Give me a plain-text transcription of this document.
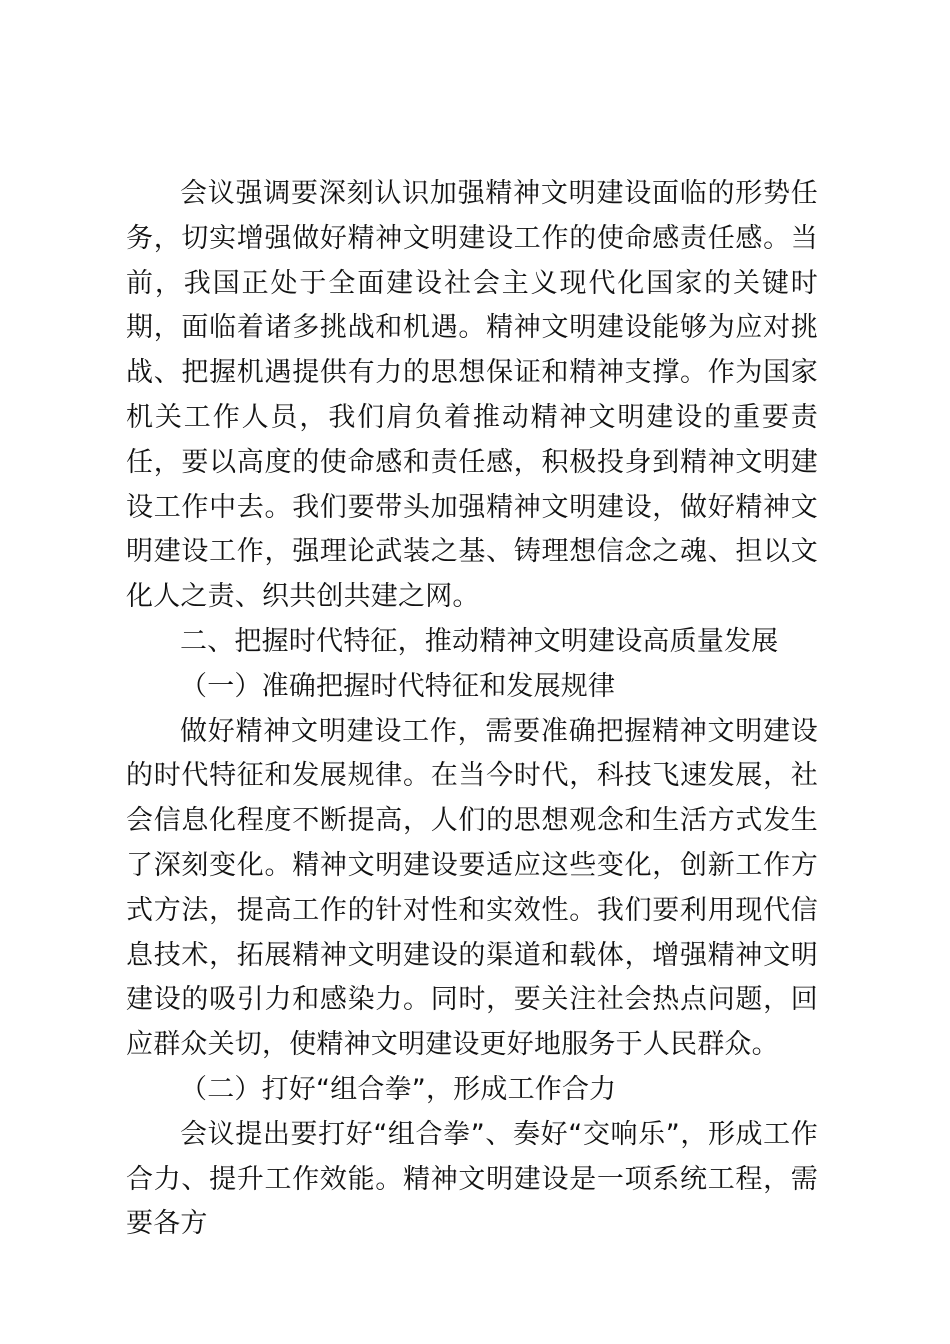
会议强调要深刻认识加强精神文明建设面临的形势任务，切实增强做好精神文明建设工作的使命感责任感。当前，我国正处于全面建设社会主义现代化国家的关键时期，面临着诸多挑战和机遇。精神文明建设能够为应对挑战、把握机遇提供有力的思想保证和精神支撑。作为国家机关工作人员，我们肩负着推动精神文明建设的重要责任，要以高度的使命感和责任感，积极投身到精神文明建设工作中去。我们要带头加强精神文明建设，做好精神文明建设工作，强理论武装之基、铸理想信念之魂、担以文化人之责、织共创共建之网。

二、把握时代特征，推动精神文明建设高质量发展

（一）准确把握时代特征和发展规律

做好精神文明建设工作，需要准确把握精神文明建设的时代特征和发展规律。在当今时代，科技飞速发展，社会信息化程度不断提高，人们的思想观念和生活方式发生了深刻变化。精神文明建设要适应这些变化，创新工作方式方法，提高工作的针对性和实效性。我们要利用现代信息技术，拓展精神文明建设的渠道和载体，增强精神文明建设的吸引力和感染力。同时，要关注社会热点问题，回应群众关切，使精神文明建设更好地服务于人民群众。

（二）打好“组合拳”，形成工作合力

会议提出要打好“组合拳”、奏好“交响乐”，形成工作合力、提升工作效能。精神文明建设是一项系统工程，需要各方
